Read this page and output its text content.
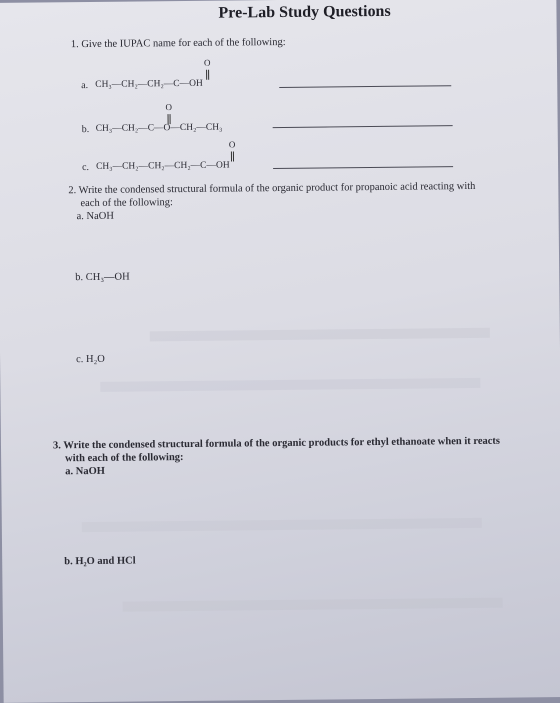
Pre-Lab Study Questions
1. Give the IUPAC name for each of the following:
a.
O
CH₃—CH₂—CH₂—C—OH
b.
O
CH₃—CH₂—C—O—CH₂—CH₃
c.
O
CH₃—CH₂—CH₂—CH₂—C—OH
2. Write the condensed structural formula of the organic product for propanoic acid reacting with
each of the following:
a. NaOH
b. CH₃—OH
c. H₂O
3. Write the condensed structural formula of the organic products for ethyl ethanoate when it reacts
with each of the following:
a. NaOH
b. H₂O and HCl
